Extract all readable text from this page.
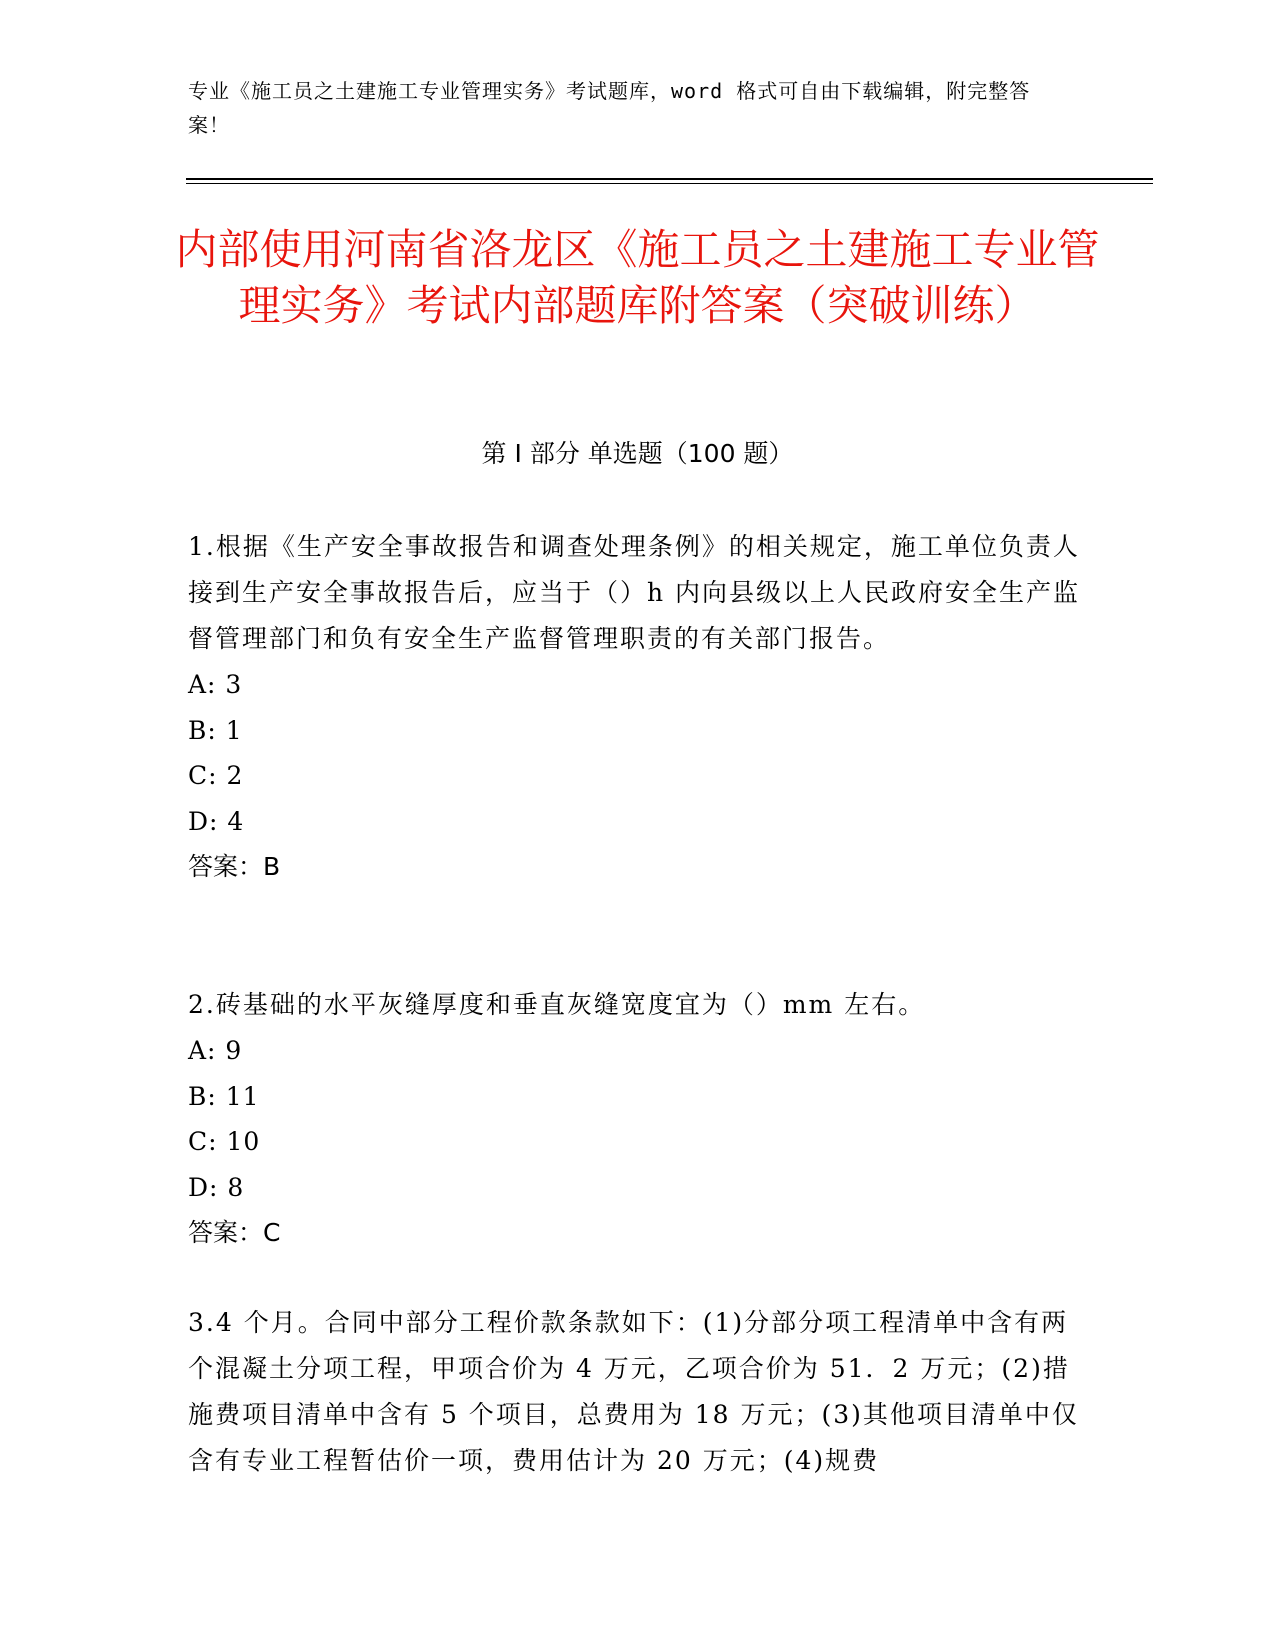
专业《施工员之土建施工专业管理实务》考试题库，word 格式可自由下载编辑，附完整答案！
内部使用河南省洛龙区《施工员之土建施工专业管理实务》考试内部题库附答案（突破训练）
第 I 部分 单选题（100 题）

1.根据《生产安全事故报告和调查处理条例》的相关规定，施工单位负责人接到生产安全事故报告后，应当于（）h 内向县级以上人民政府安全生产监督管理部门和负有安全生产监督管理职责的有关部门报告。

A: 3

B: 1

C: 2

D: 4

答案：B

2.砖基础的水平灰缝厚度和垂直灰缝宽度宜为（）mm 左右。

A: 9

B: 11

C: 10

D: 8

答案：C

3.4 个月。合同中部分工程价款条款如下：(1)分部分项工程清单中含有两个混凝土分项工程，甲项合价为 4 万元，乙项合价为 51．2 万元；(2)措施费项目清单中含有 5 个项目，总费用为 18 万元；(3)其他项目清单中仅含有专业工程暂估价一项，费用估计为 20 万元；(4)规费
